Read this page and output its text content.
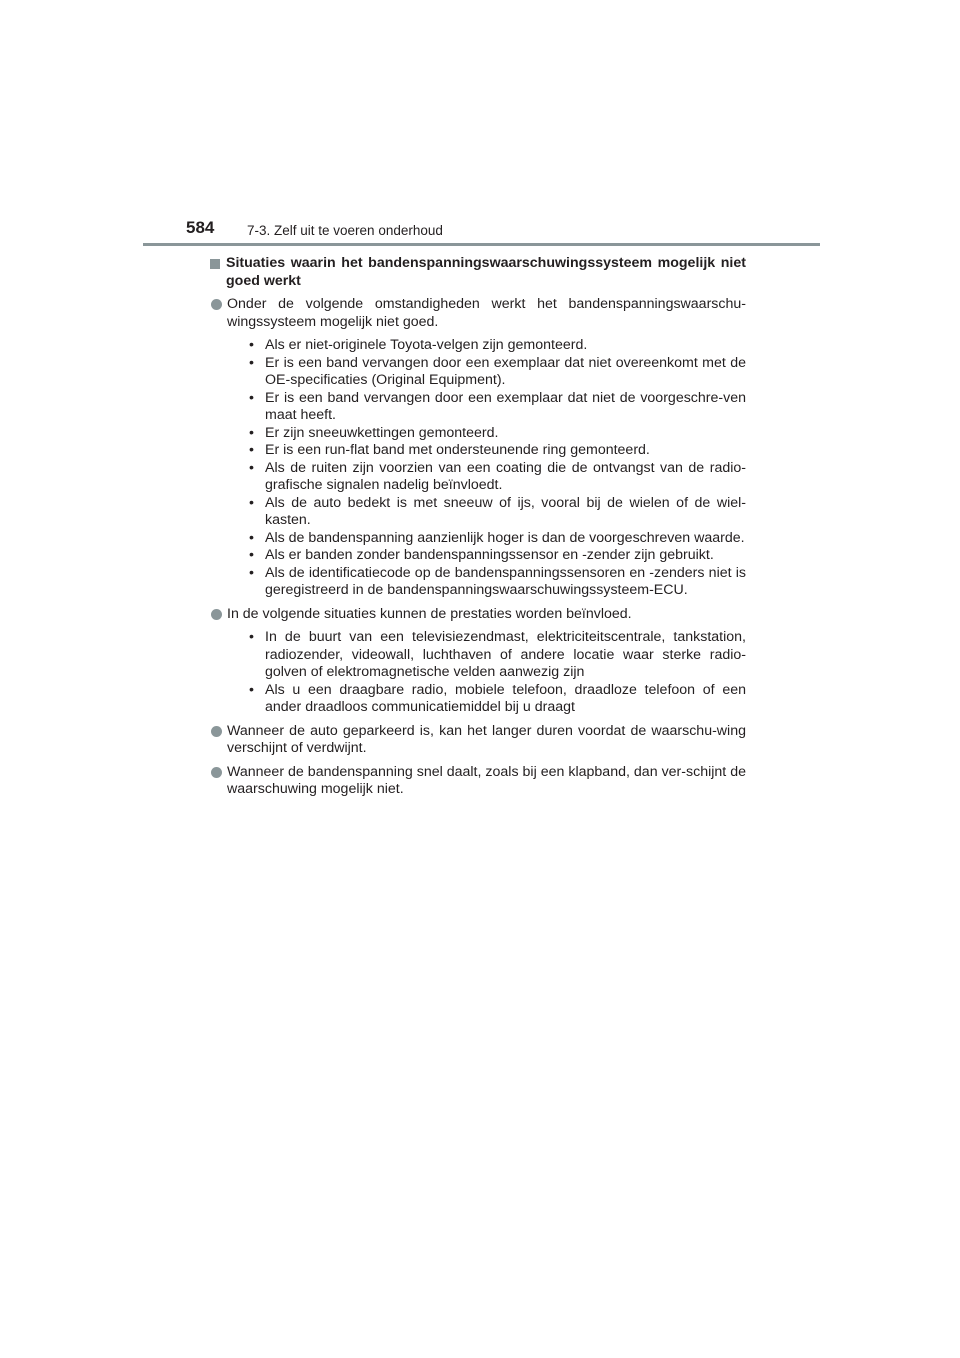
584 7-3. Zelf uit te voeren onderhoud
Situaties waarin het bandenspanningswaarschuwingssysteem mogelijk niet goed werkt
Onder de volgende omstandigheden werkt het bandenspanningswaarschu-wingssysteem mogelijk niet goed.
• Als er niet-originele Toyota-velgen zijn gemonteerd.
• Er is een band vervangen door een exemplaar dat niet overeenkomt met de OE-specificaties (Original Equipment).
• Er is een band vervangen door een exemplaar dat niet de voorgeschre-ven maat heeft.
• Er zijn sneeuwkettingen gemonteerd.
• Er is een run-flat band met ondersteunende ring gemonteerd.
• Als de ruiten zijn voorzien van een coating die de ontvangst van de radio-grafische signalen nadelig beïnvloedt.
• Als de auto bedekt is met sneeuw of ijs, vooral bij de wielen of de wiel-kasten.
• Als de bandenspanning aanzienlijk hoger is dan de voorgeschreven waarde.
• Als er banden zonder bandenspanningssensor en -zender zijn gebruikt.
• Als de identificatiecode op de bandenspanningssensoren en -zenders niet is geregistreerd in de bandenspanningswaarschuwingssysteem-ECU.
In de volgende situaties kunnen de prestaties worden beïnvloed.
• In de buurt van een televisiezendmast, elektriciteitscentrale, tankstation, radiozender, videowall, luchthaven of andere locatie waar sterke radio-golven of elektromagnetische velden aanwezig zijn
• Als u een draagbare radio, mobiele telefoon, draadloze telefoon of een ander draadloos communicatiemiddel bij u draagt
Wanneer de auto geparkeerd is, kan het langer duren voordat de waarschu-wing verschijnt of verdwijnt.
Wanneer de bandenspanning snel daalt, zoals bij een klapband, dan ver-schijnt de waarschuwing mogelijk niet.
